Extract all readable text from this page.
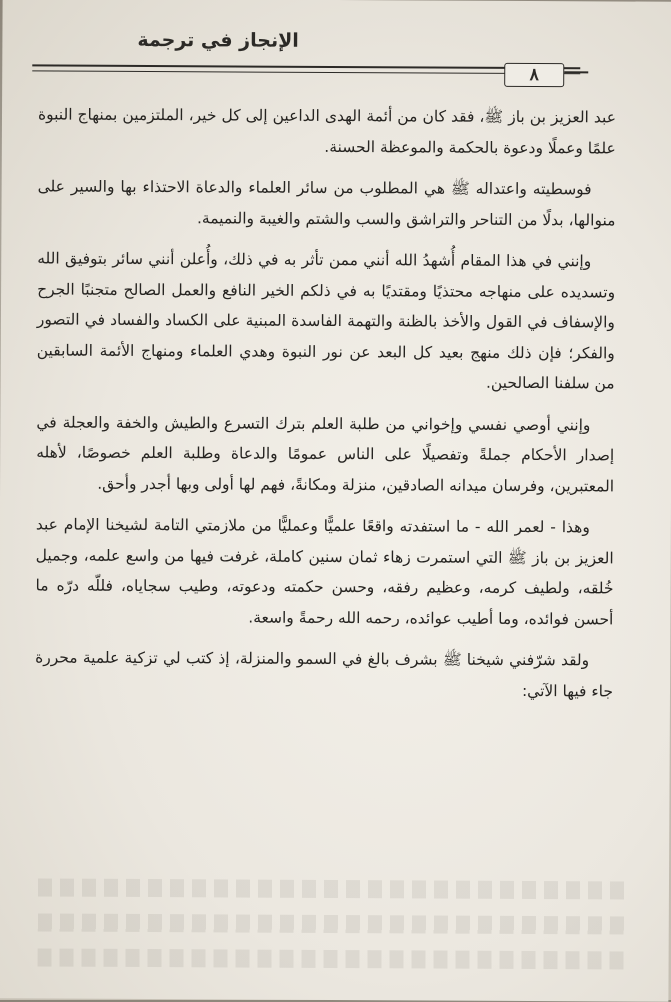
الإنجاز في ترجمة
٨

عبد العزيز بن باز ﷺ، فقد كان من أئمة الهدى الداعين إلى كل خير، الملتزمين بمنهاج النبوة علمًا وعملًا ودعوة بالحكمة والموعظة الحسنة.

فوسطيته واعتداله ﷺ هي المطلوب من سائر العلماء والدعاة الاحتذاء بها والسير على منوالها، بدلًا من التناحر والتراشق والسب والشتم والغيبة والنميمة.

وإنني في هذا المقام أُشهدُ الله أنني ممن تأثر به في ذلك، وأُعلن أنني سائر بتوفيق الله وتسديده على منهاجه محتذيًا ومقتديًا به في ذلكم الخير النافع والعمل الصالح متجنبًا الجرح والإسفاف في القول والأخذ بالظنة والتهمة الفاسدة المبنية على الكساد والفساد في التصور والفكر؛ فإن ذلك منهج بعيد كل البعد عن نور النبوة وهدي العلماء ومنهاج الأئمة السابقين من سلفنا الصالحين.

وإنني أوصي نفسي وإخواني من طلبة العلم بترك التسرع والطيش والخفة والعجلة في إصدار الأحكام جملةً وتفصيلًا على الناس عمومًا والدعاة وطلبة العلم خصوصًا، لأهله المعتبرين، وفرسان ميدانه الصادقين، منزلة ومكانةً، فهم لها أولى وبها أجدر وأحق.

وهذا - لعمر الله - ما استفدته واقعًا علميًّا وعمليًّا من ملازمتي التامة لشيخنا الإمام عبد العزيز بن باز ﷺ التي استمرت زهاء ثمان سنين كاملة، غرفت فيها من واسع علمه، وجميل خُلقه، ولطيف كرمه، وعظيم رفقه، وحسن حكمته ودعوته، وطيب سجاياه، فللّه درّه ما أحسن فوائده، وما أطيب عوائده، رحمه الله رحمةً واسعة.

ولقد شرّفني شيخنا ﷺ بشرف بالغ في السمو والمنزلة، إذ كتب لي تزكية علمية محررة جاء فيها الآتي:
